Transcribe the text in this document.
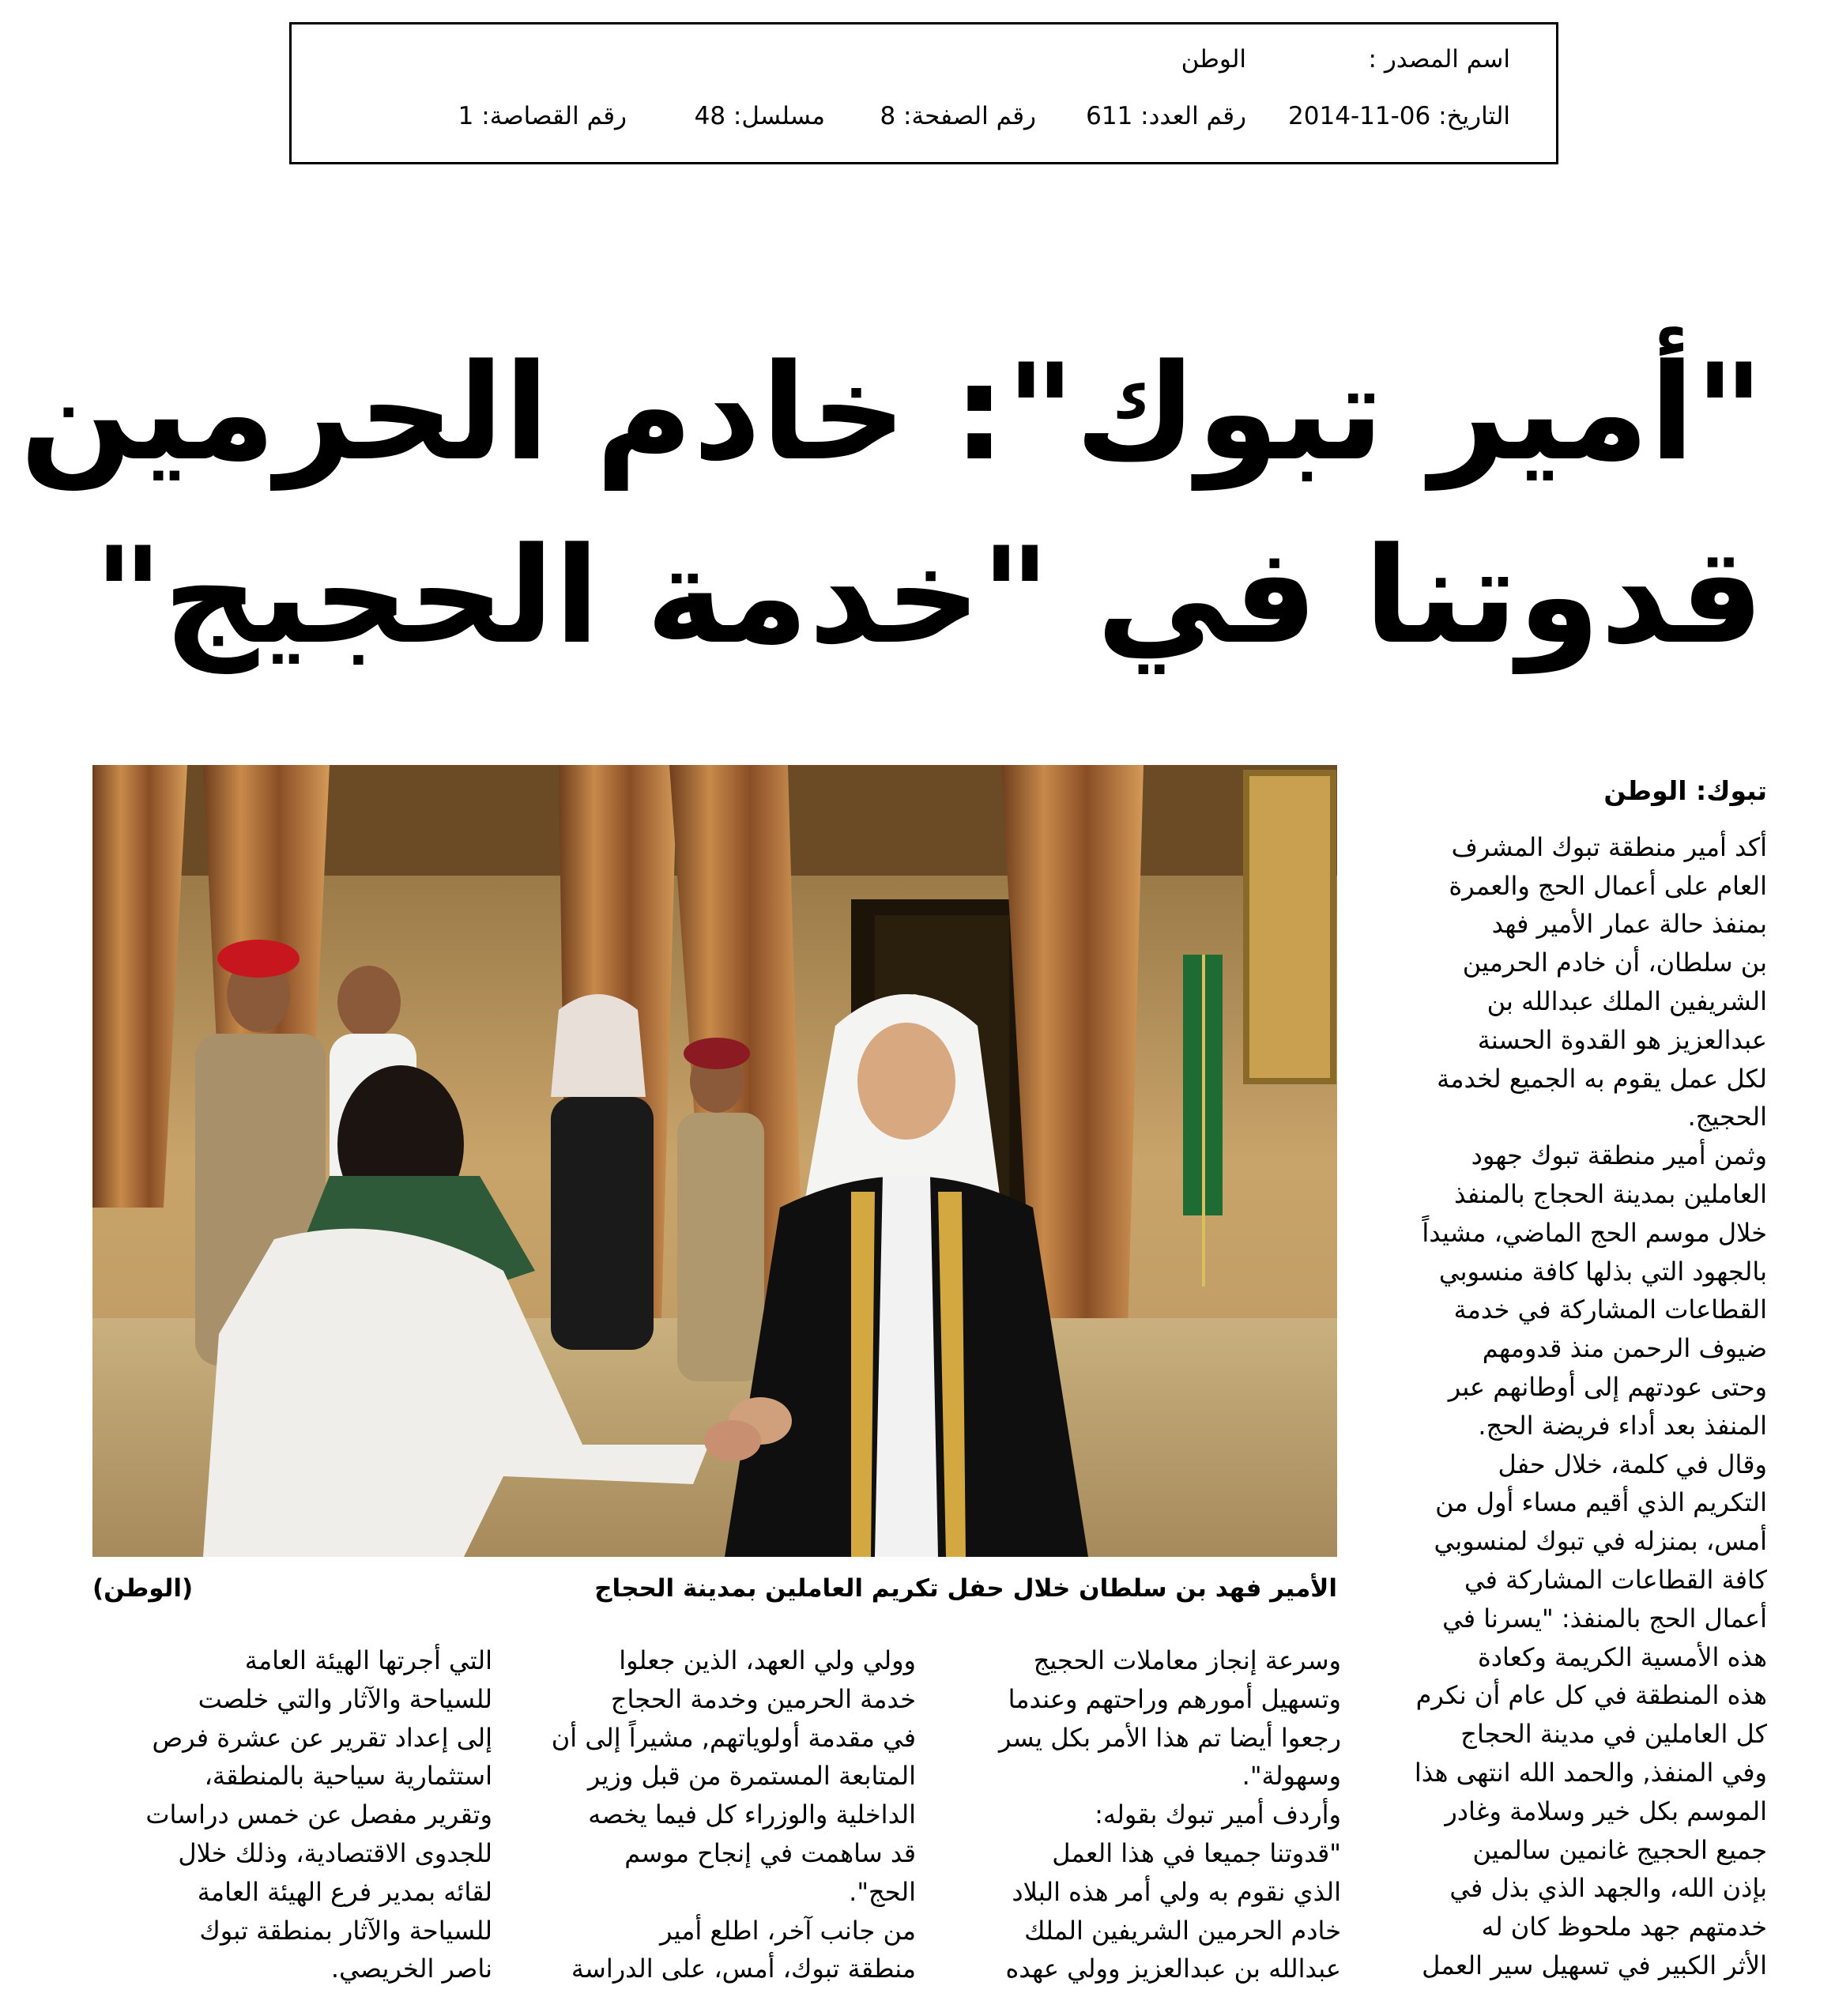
اسم المصدر :
الوطن
التاريخ: 06-11-2014
رقم العدد: 611
رقم الصفحة: 8
مسلسل: 48
رقم القصاصة: 1
"أمير تبوك": خادم الحرمين
قدوتنا في "خدمة الحجيج"
الأمير فهد بن سلطان خلال حفل تكريم العاملين بمدينة الحجاج
(الوطن)

تبوك: الوطن

أكد أمير منطقة تبوك المشرف

العام على أعمال الحج والعمرة

بمنفذ حالة عمار الأمير فهد

بن سلطان، أن خادم الحرمين

الشريفين الملك عبدالله بن

عبدالعزيز هو القدوة الحسنة

لكل عمل يقوم به الجميع لخدمة

الحجيج.

وثمن أمير منطقة تبوك جهود

العاملين بمدينة الحجاج بالمنفذ

خلال موسم الحج الماضي، مشيداً

بالجهود التي بذلها كافة منسوبي

القطاعات المشاركة في خدمة

ضيوف الرحمن منذ قدومهم

وحتى عودتهم إلى أوطانهم عبر

المنفذ بعد أداء فريضة الحج.

وقال في كلمة، خلال حفل

التكريم الذي أقيم مساء أول من

أمس، بمنزله في تبوك لمنسوبي

كافة القطاعات المشاركة في

أعمال الحج بالمنفذ: "يسرنا في

هذه الأمسية الكريمة وكعادة

هذه المنطقة في كل عام أن نكرم

كل العاملين في مدينة الحجاج

وفي المنفذ, والحمد الله انتهى هذا

الموسم بكل خير وسلامة وغادر

جميع الحجيج غانمين سالمين

بإذن الله، والجهد الذي بذل في

خدمتهم جهد ملحوظ كان له

الأثر الكبير في تسهيل سير العمل

وسرعة إنجاز معاملات الحجيج

وتسهيل أمورهم وراحتهم وعندما

رجعوا أيضا تم هذا الأمر بكل يسر

وسهولة".

وأردف أمير تبوك بقوله:

"قدوتنا جميعا في هذا العمل

الذي نقوم به ولي أمر هذه البلاد

خادم الحرمين الشريفين الملك

عبدالله بن عبدالعزيز وولي عهده

وولي ولي العهد، الذين جعلوا

خدمة الحرمين وخدمة الحجاج

في مقدمة أولوياتهم, مشيراً إلى أن

المتابعة المستمرة من قبل وزير

الداخلية والوزراء كل فيما يخصه

قد ساهمت في إنجاح موسم

الحج".

من جانب آخر، اطلع أمير

منطقة تبوك، أمس، على الدراسة

التي أجرتها الهيئة العامة

للسياحة والآثار والتي خلصت

إلى إعداد تقرير عن عشرة فرص

استثمارية سياحية بالمنطقة،

وتقرير مفصل عن خمس دراسات

للجدوى الاقتصادية، وذلك خلال

لقائه بمدير فرع الهيئة العامة

للسياحة والآثار بمنطقة تبوك

ناصر الخريصي.
